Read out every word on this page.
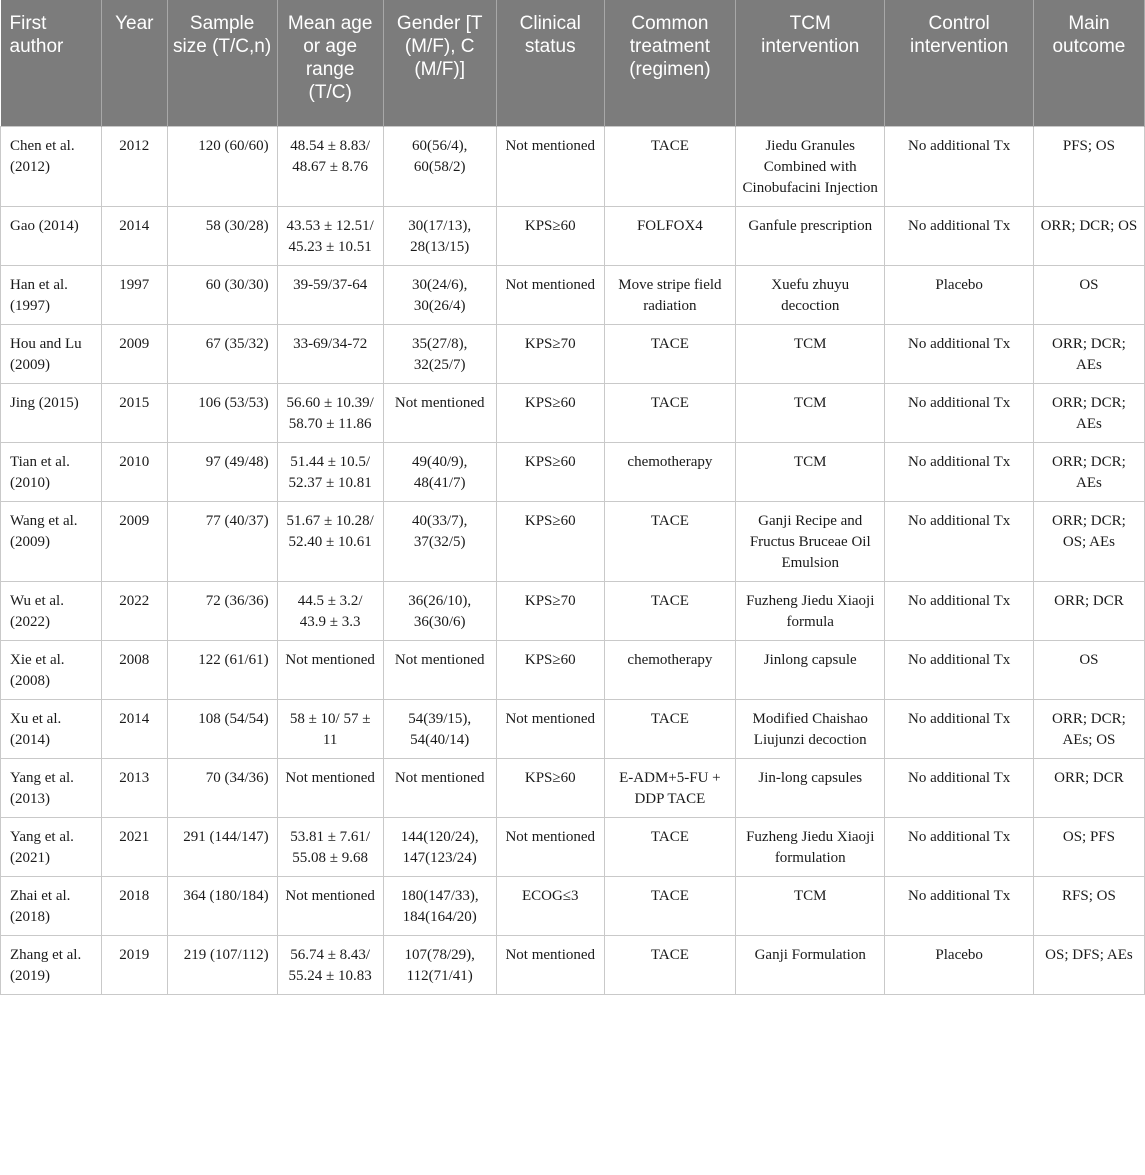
First author	Year	Sample size (T/C,n)	Mean age or age range (T/C)	Gender [T (M/F), C (M/F)]	Clinical status	Common treatment (regimen)	TCM intervention	Control intervention	Main outcome
Chen et al. (2012)	2012	120 (60/60)	48.54 ± 8.83/ 48.67 ± 8.76	60(56/4), 60(58/2)	Not mentioned	TACE	Jiedu Granules Combined with Cinobufacini Injection	No additional Tx	PFS; OS
Gao (2014)	2014	58 (30/28)	43.53 ± 12.51/ 45.23 ± 10.51	30(17/13), 28(13/15)	KPS≥60	FOLFOX4	Ganfule prescription	No additional Tx	ORR; DCR; OS
Han et al. (1997)	1997	60 (30/30)	39-59/37-64	30(24/6), 30(26/4)	Not mentioned	Move stripe field radiation	Xuefu zhuyu decoction	Placebo	OS
Hou and Lu (2009)	2009	67 (35/32)	33-69/34-72	35(27/8), 32(25/7)	KPS≥70	TACE	TCM	No additional Tx	ORR; DCR; AEs
Jing (2015)	2015	106 (53/53)	56.60 ± 10.39/ 58.70 ± 11.86	Not mentioned	KPS≥60	TACE	TCM	No additional Tx	ORR; DCR; AEs
Tian et al. (2010)	2010	97 (49/48)	51.44 ± 10.5/ 52.37 ± 10.81	49(40/9), 48(41/7)	KPS≥60	chemotherapy	TCM	No additional Tx	ORR; DCR; AEs
Wang et al. (2009)	2009	77 (40/37)	51.67 ± 10.28/ 52.40 ± 10.61	40(33/7), 37(32/5)	KPS≥60	TACE	Ganji Recipe and Fructus Bruceae Oil Emulsion	No additional Tx	ORR; DCR; OS; AEs
Wu et al. (2022)	2022	72 (36/36)	44.5 ± 3.2/ 43.9 ± 3.3	36(26/10), 36(30/6)	KPS≥70	TACE	Fuzheng Jiedu Xiaoji formula	No additional Tx	ORR; DCR
Xie et al. (2008)	2008	122 (61/61)	Not mentioned	Not mentioned	KPS≥60	chemotherapy	Jinlong capsule	No additional Tx	OS
Xu et al. (2014)	2014	108 (54/54)	58 ± 10/ 57 ± 11	54(39/15), 54(40/14)	Not mentioned	TACE	Modified Chaishao Liujunzi decoction	No additional Tx	ORR; DCR; AEs; OS
Yang et al. (2013)	2013	70 (34/36)	Not mentioned	Not mentioned	KPS≥60	E-ADM+5-FU + DDP TACE	Jin-long capsules	No additional Tx	ORR; DCR
Yang et al. (2021)	2021	291 (144/147)	53.81 ± 7.61/ 55.08 ± 9.68	144(120/24), 147(123/24)	Not mentioned	TACE	Fuzheng Jiedu Xiaoji formulation	No additional Tx	OS; PFS
Zhai et al. (2018)	2018	364 (180/184)	Not mentioned	180(147/33), 184(164/20)	ECOG≤3	TACE	TCM	No additional Tx	RFS; OS
Zhang et al. (2019)	2019	219 (107/112)	56.74 ± 8.43/ 55.24 ± 10.83	107(78/29), 112(71/41)	Not mentioned	TACE	Ganji Formulation	Placebo	OS; DFS; AEs
